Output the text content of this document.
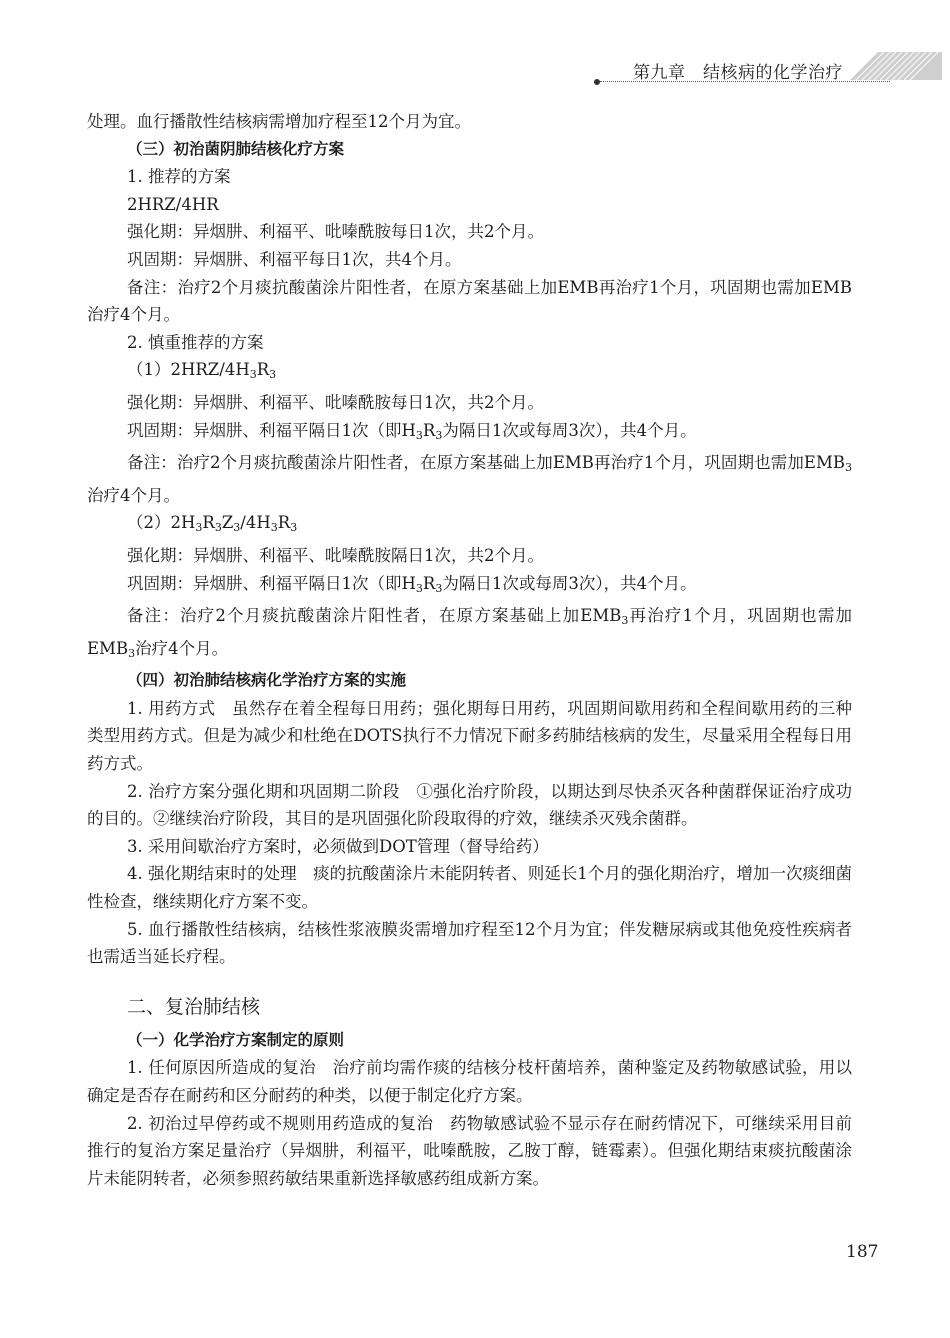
第九章　结核病的化学治疗

处理。血行播散性结核病需增加疗程至12个月为宜。

（三）初治菌阴肺结核化疗方案

1. 推荐的方案

2HRZ/4HR

强化期：异烟肼、利福平、吡嗪酰胺每日1次，共2个月。

巩固期：异烟肼、利福平每日1次，共4个月。

备注：治疗2个月痰抗酸菌涂片阳性者，在原方案基础上加EMB再治疗1个月，巩固期也需加EMB治疗4个月。

2. 慎重推荐的方案

$(1)2HRZ/4H_3R_3$

强化期：异烟肼、利福平、吡嗪酰胺每日1次，共2个月。

巩固期：异烟肼、利福平隔日1次（即$H_3R_3$为隔日1次或每周3次），共4个月。

备注：治疗2个月痰抗酸菌涂片阳性者，在原方案基础上加EMB再治疗1个月，巩固期也需加$EMB_3$治疗4个月。

$(2)2H_3R_3Z_3/4H_3R_3$

强化期：异烟肼、利福平、吡嗪酰胺隔日1次，共2个月。

巩固期：异烟肼、利福平隔日1次（即$H_3R_3$为隔日1次或每周3次），共4个月。

备注：治疗2个月痰抗酸菌涂片阳性者，在原方案基础上加$EMB_3$再治疗1个月，巩固期也需加$EMB_3$治疗4个月。

（四）初治肺结核病化学治疗方案的实施

1. 用药方式　虽然存在着全程每日用药；强化期每日用药，巩固期间歇用药和全程间歇用药的三种类型用药方式。但是为减少和杜绝在DOTS执行不力情况下耐多药肺结核病的发生，尽量采用全程每日用药方式。

2. 治疗方案分强化期和巩固期二阶段　①强化治疗阶段，以期达到尽快杀灭各种菌群保证治疗成功的目的。②继续治疗阶段，其目的是巩固强化阶段取得的疗效，继续杀灭残余菌群。

3. 采用间歇治疗方案时，必须做到DOT管理（督导给药）

4. 强化期结束时的处理　痰的抗酸菌涂片未能阴转者、则延长1个月的强化期治疗，增加一次痰细菌性检查，继续期化疗方案不变。

5. 血行播散性结核病，结核性浆液膜炎需增加疗程至12个月为宜；伴发糖尿病或其他免疫性疾病者也需适当延长疗程。

二、复治肺结核

（一）化学治疗方案制定的原则

1. 任何原因所造成的复治　治疗前均需作痰的结核分枝杆菌培养，菌种鉴定及药物敏感试验，用以确定是否存在耐药和区分耐药的种类，以便于制定化疗方案。

2. 初治过早停药或不规则用药造成的复治　药物敏感试验不显示存在耐药情况下，可继续采用目前推行的复治方案足量治疗（异烟肼，利福平，吡嗪酰胺，乙胺丁醇，链霉素）。但强化期结束痰抗酸菌涂片未能阴转者，必须参照药敏结果重新选择敏感药组成新方案。

187
